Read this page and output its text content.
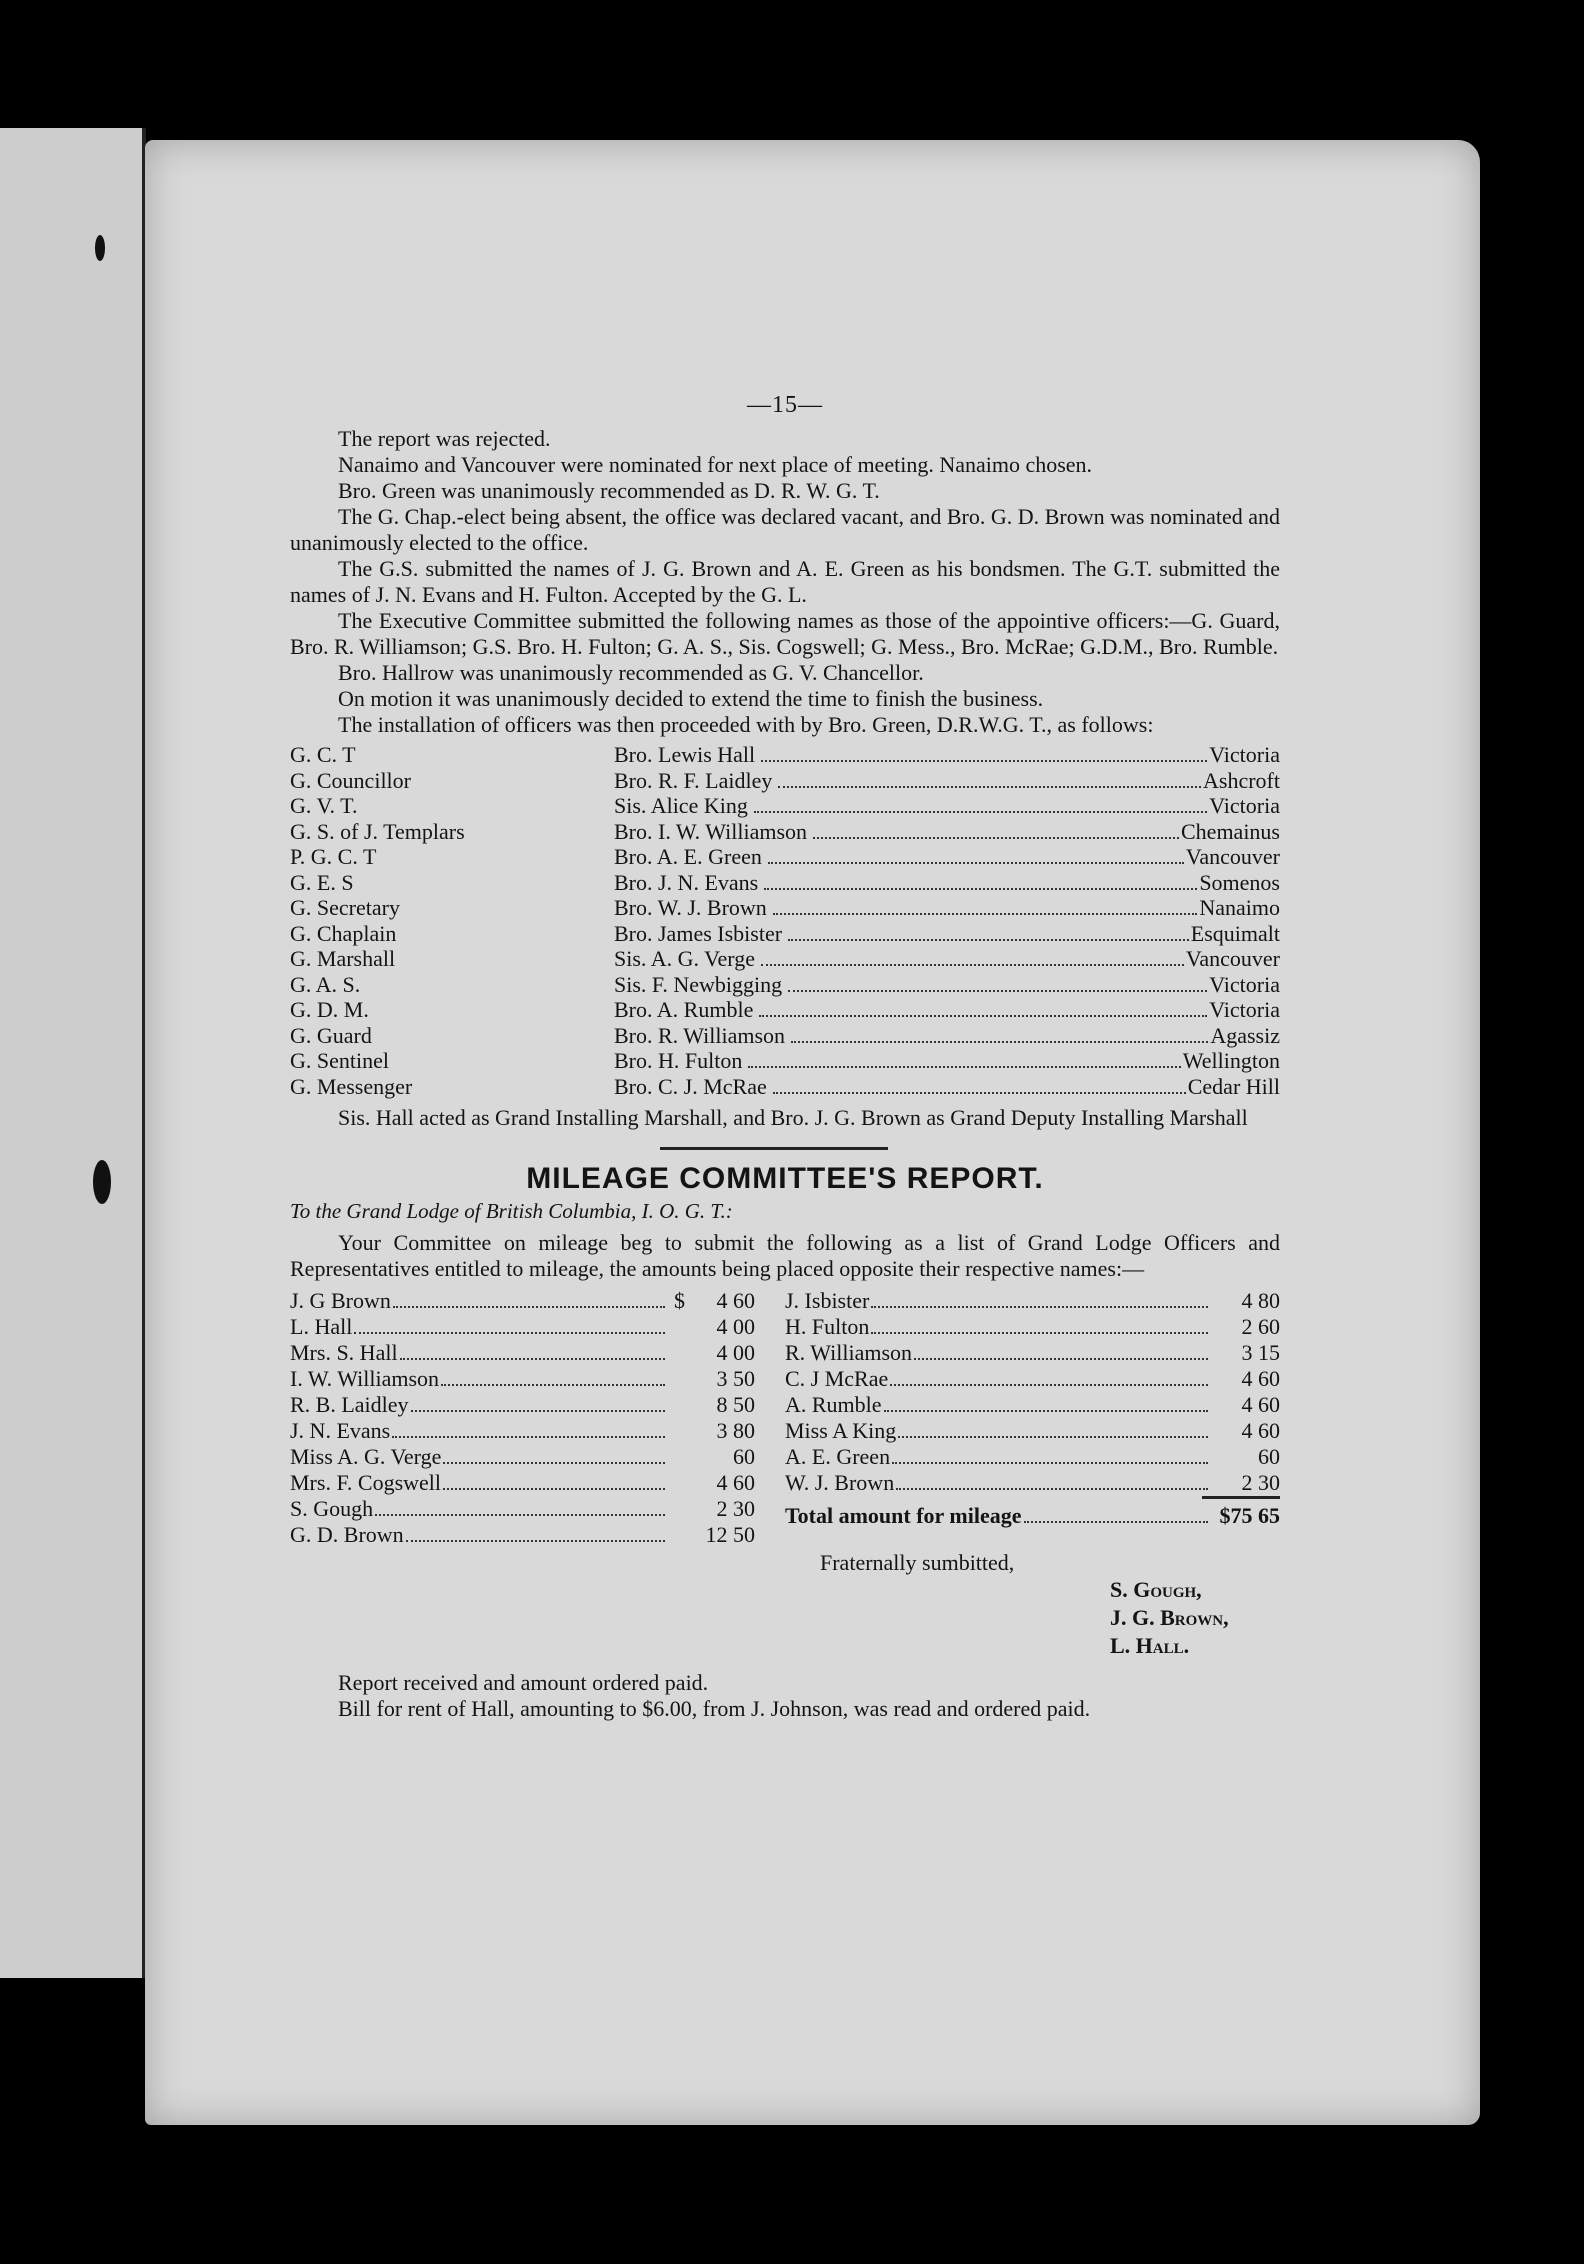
—15—

The report was rejected.

Nanaimo and Vancouver were nominated for next place of meeting. Nanaimo chosen.

Bro. Green was unanimously recommended as D. R. W. G. T.

The G. Chap.-elect being absent, the office was declared vacant, and Bro. G. D. Brown was nominated and unanimously elected to the office.

The G.S. submitted the names of J. G. Brown and A. E. Green as his bondsmen. The G.T. submitted the names of J. N. Evans and H. Fulton. Accepted by the G. L.

The Executive Committee submitted the following names as those of the appointive officers:—G. Guard, Bro. R. Williamson; G.S. Bro. H. Fulton; G. A. S., Sis. Cogswell; G. Mess., Bro. McRae; G.D.M., Bro. Rumble.

Bro. Hallrow was unanimously recommended as G. V. Chancellor.

On motion it was unanimously decided to extend the time to finish the business.

The installation of officers was then proceeded with by Bro. Green, D.R.W.G. T., as follows:

G. C. T	Bro. Lewis Hall	Victoria
G. Councillor	Bro. R. F. Laidley	Ashcroft
G. V. T.	Sis. Alice King	Victoria
G. S. of J. Templars	Bro. I. W. Williamson	Chemainus
P. G. C. T	Bro. A. E. Green	Vancouver
G. E. S	Bro. J. N. Evans	Somenos
G. Secretary	Bro. W. J. Brown	Nanaimo
G. Chaplain	Bro. James Isbister	Esquimalt
G. Marshall	Sis. A. G. Verge	Vancouver
G. A. S.	Sis. F. Newbigging	Victoria
G. D. M.	Bro. A. Rumble	Victoria
G. Guard	Bro. R. Williamson	Agassiz
G. Sentinel	Bro. H. Fulton	Wellington
G. Messenger	Bro. C. J. McRae	Cedar Hill

Sis. Hall acted as Grand Installing Marshall, and Bro. J. G. Brown as Grand Deputy Installing Marshall

MILEAGE COMMITTEE'S REPORT.

To the Grand Lodge of British Columbia, I. O. G. T.:

Your Committee on mileage beg to submit the following as a list of Grand Lodge Officers and Representatives entitled to mileage, the amounts being placed opposite their respective names:—

J. G Brown	$	4 60
L. Hall	4 00
Mrs. S. Hall	4 00
I. W. Williamson	3 50
R. B. Laidley	8 50
J. N. Evans	3 80
Miss A. G. Verge	60
Mrs. F. Cogswell	4 60
S. Gough	2 30
G. D. Brown	12 50
J. Isbister	4 80
H. Fulton	2 60
R. Williamson	3 15
C. J McRae	4 60
A. Rumble	4 60
Miss A King	4 60
A. E. Green	60
W. J. Brown	2 30
Total amount for mileage	$75 65
Fraternally sumbitted,
S. Gough,
J. G. Brown,
L. Hall.

Report received and amount ordered paid.

Bill for rent of Hall, amounting to $6.00, from J. Johnson, was read and ordered paid.
